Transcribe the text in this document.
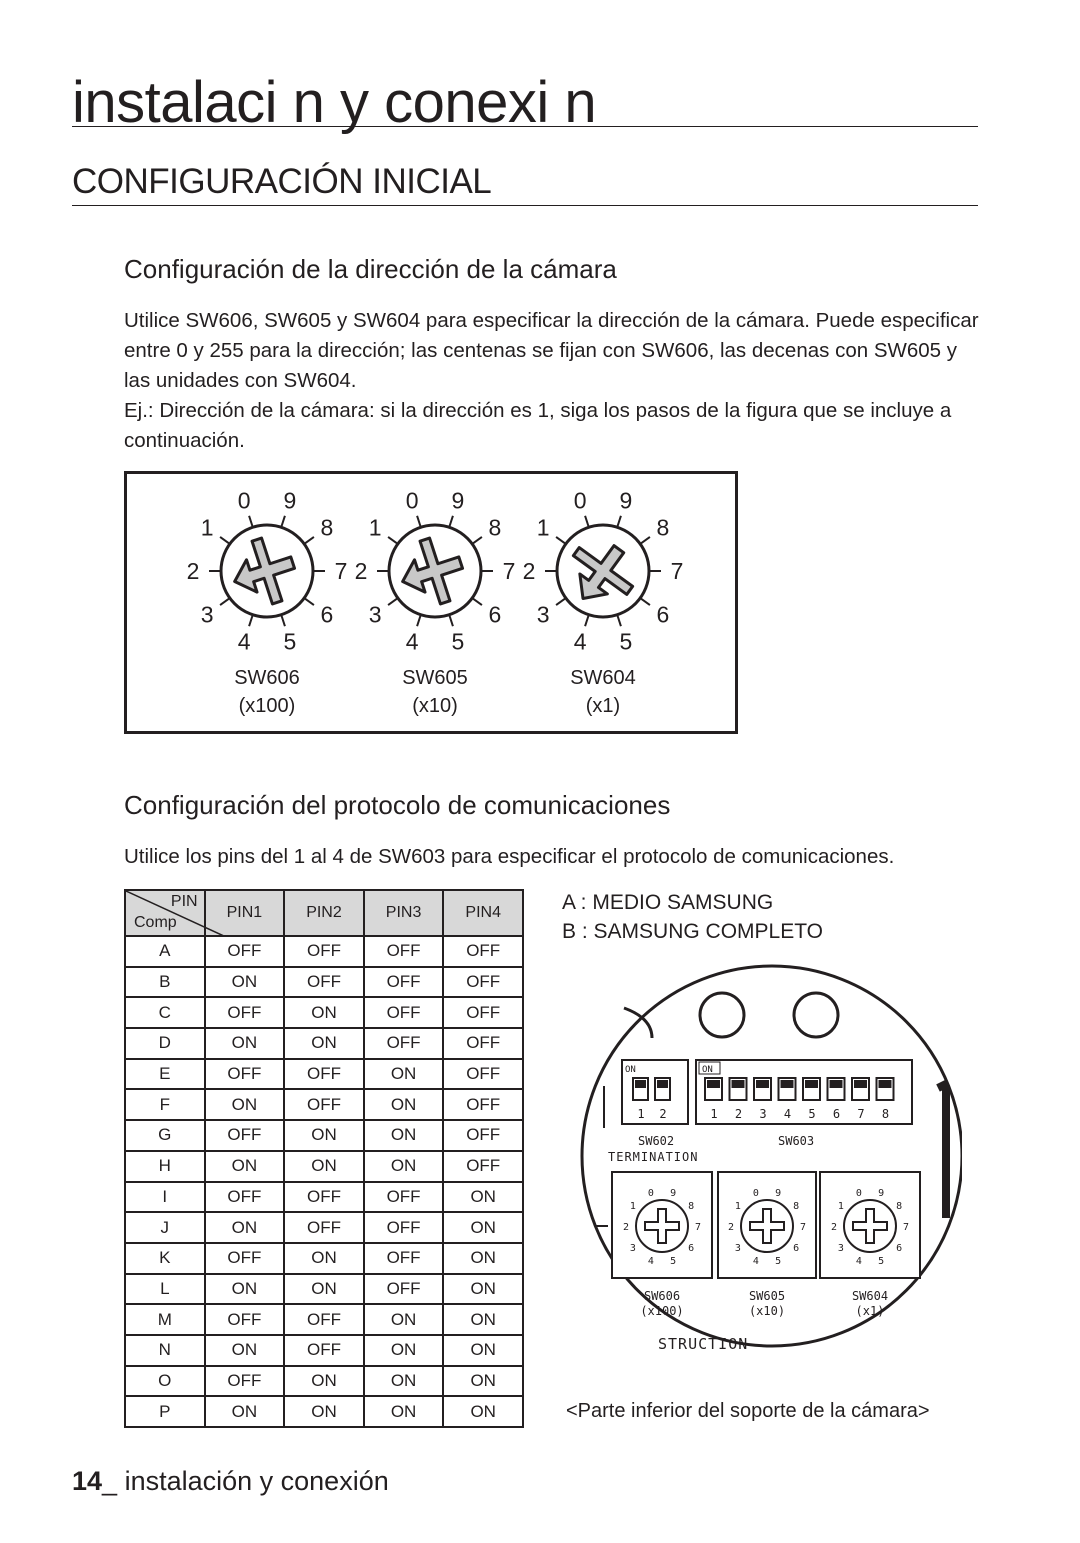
instalaci n y conexi n
CONFIGURACIÓN INICIAL
Configuración de la dirección de la cámara

Utilice SW606, SW605 y SW604 para especificar la dirección de la cámara. Puede especificar entre 0 y 255 para la dirección; las centenas se fijan con SW606, las decenas con SW605 y las unidades con SW604.

Ej.: Dirección de la cámara: si la dirección es 1, siga los pasos de la figura que se incluye a continuación.

0
1
2
3
4 5
6
7
8
9
SW606
(x100)
0
1
2
3
4 5
6
7
8
9
SW605
(x10)
0
1
2
3
4 5
6
7
8
9
SW604
(x1)
Configuración del protocolo de comunicaciones
Utilice los pins del 1 al 4 de SW603 para especificar el protocolo de comunicaciones.
PIN
Comp	PIN1	PIN2	PIN3	PIN4
A	OFF	OFF	OFF	OFF
B	ON	OFF	OFF	OFF
C	OFF	ON	OFF	OFF
D	ON	ON	OFF	OFF
E	OFF	OFF	ON	OFF
F	ON	OFF	ON	OFF
G	OFF	ON	ON	OFF
H	ON	ON	ON	OFF
I	OFF	OFF	OFF	ON
J	ON	OFF	OFF	ON
K	OFF	ON	OFF	ON
L	ON	ON	OFF	ON
M	OFF	OFF	ON	ON
N	ON	OFF	ON	ON
O	OFF	ON	ON	ON
P	ON	ON	ON	ON
A : MEDIO SAMSUNG
B : SAMSUNG COMPLETO
ON
1 2
ON
1 2 3 4 5 6 7 8
SW602	SW603
TERMINATION
0
1
2
3
4 5
6
7
8
9
SW606
(x100)
0
1
2
3
4 5
6
7
8
9
SW605
(x10)
0
1
2
3
4 5
6
7
8
9
SW604
(x1)
STRUCTION
<Parte inferior del soporte de la cámara>
14_ instalación y conexión
